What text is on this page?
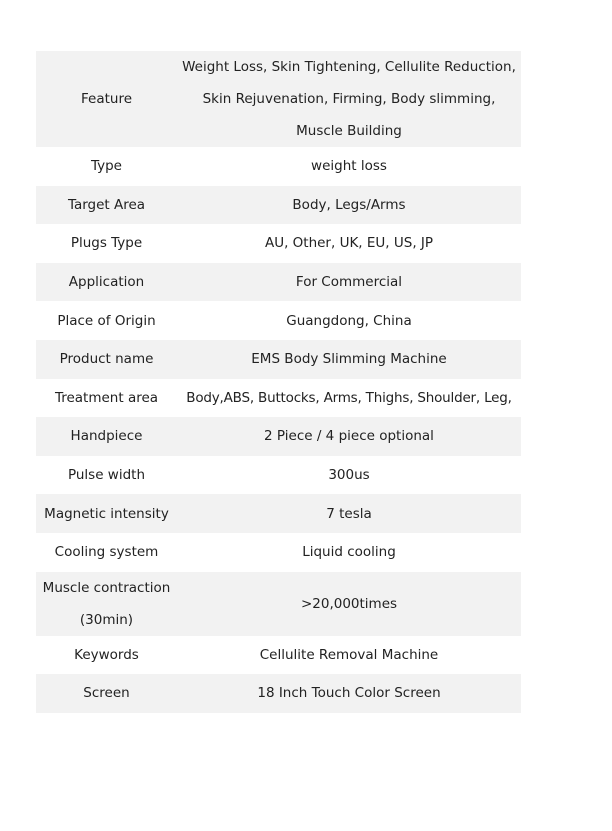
Feature	Weight Loss, Skin Tightening, Cellulite Reduction, Skin Rejuvenation, Firming, Body slimming, Muscle Building
Type	weight loss
Target Area	Body, Legs/Arms
Plugs Type	AU, Other, UK, EU, US, JP
Application	For Commercial
Place of Origin	Guangdong, China
Product name	EMS Body Slimming Machine
Treatment area	Body,ABS, Buttocks, Arms, Thighs, Shoulder, Leg,
Handpiece	2 Piece / 4 piece optional
Pulse width	300us
Magnetic intensity	7 tesla
Cooling system	Liquid cooling
Muscle contraction (30min)	>20,000times
Keywords	Cellulite Removal Machine
Screen	18 Inch Touch Color Screen
